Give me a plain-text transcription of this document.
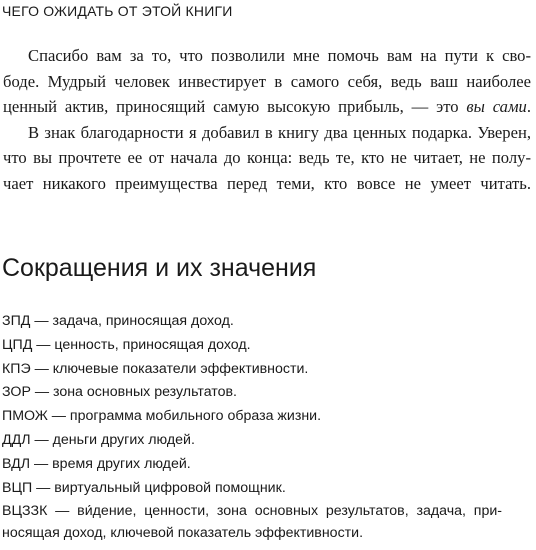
ЧЕГО ОЖИДАТЬ ОТ ЭТОЙ КНИГИ
Спасибо вам за то, что позволили мне помочь вам на пути к сво-
боде. Мудрый человек инвестирует в самого себя, ведь ваш наиболее
ценный актив, приносящий самую высокую прибыль, — это вы сами.
В знак благодарности я добавил в книгу два ценных подарка. Уверен,
что вы прочтете ее от начала до конца: ведь те, кто не читает, не полу-
чает никакого преимущества перед теми, кто вовсе не умеет читать.
Сокращения и их значения
ЗПД — задача, приносящая доход.
ЦПД — ценность, приносящая доход.
КПЭ — ключевые показатели эффективности.
ЗОР — зона основных результатов.
ПМОЖ — программа мобильного образа жизни.
ДДЛ — деньги других людей.
ВДЛ — время других людей.
ВЦП — виртуальный цифровой помощник.
ВЦЗЗК — ви́дение, ценности, зона основных результатов, задача, при-носящая доход, ключевой показатель эффективности.
